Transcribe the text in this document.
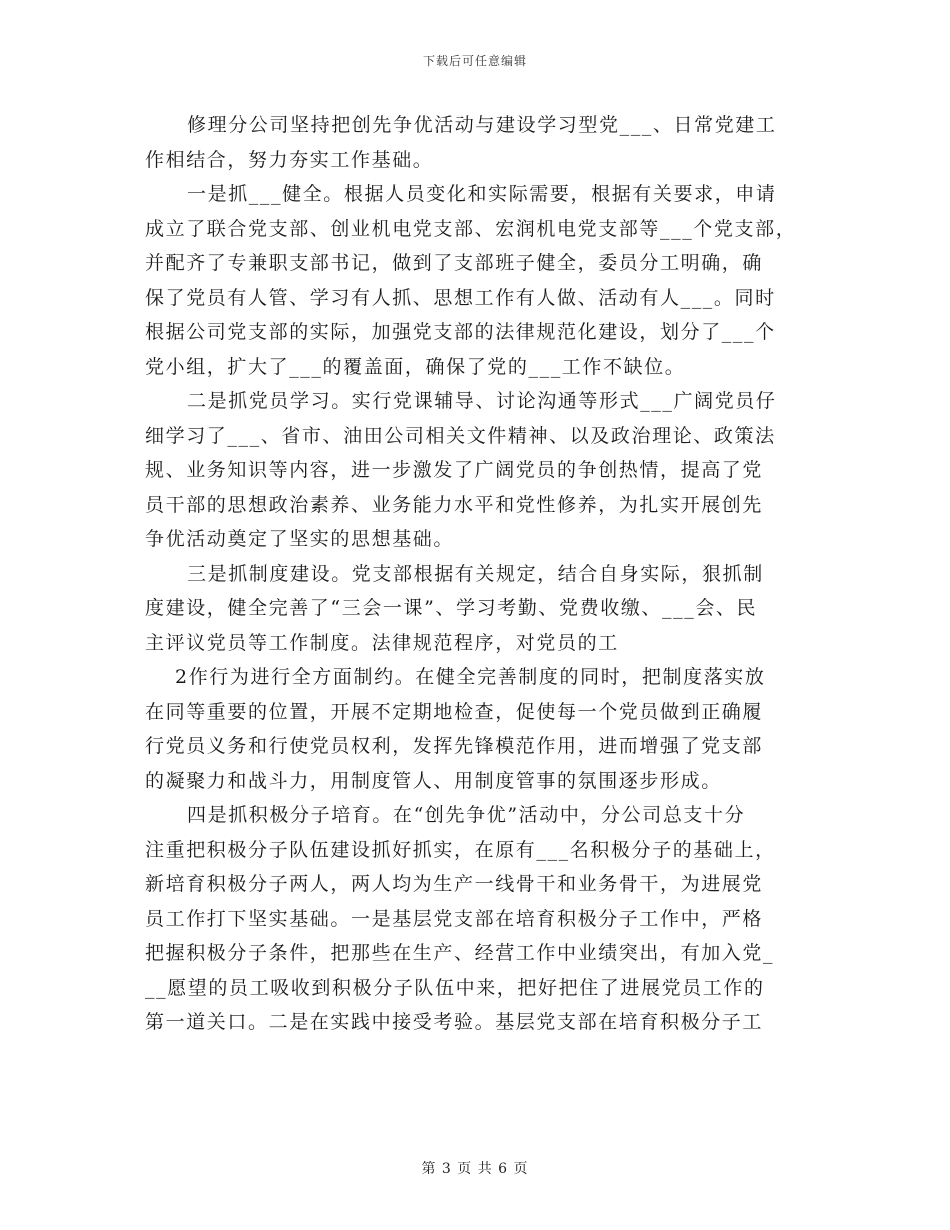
下载后可任意编辑
修理分公司坚持把创先争优活动与建设学习型党___、日常党建工
作相结合，努力夯实工作基础。
一是抓___健全。根据人员变化和实际需要，根据有关要求，申请
成立了联合党支部、创业机电党支部、宏润机电党支部等___个党支部，
并配齐了专兼职支部书记，做到了支部班子健全，委员分工明确，确
保了党员有人管、学习有人抓、思想工作有人做、活动有人___。同时
根据公司党支部的实际，加强党支部的法律规范化建设，划分了___个
党小组，扩大了___的覆盖面，确保了党的___工作不缺位。
二是抓党员学习。实行党课辅导、讨论沟通等形式___广阔党员仔
细学习了___、省市、油田公司相关文件精神、以及政治理论、政策法
规、业务知识等内容，进一步激发了广阔党员的争创热情，提高了党
员干部的思想政治素养、业务能力水平和党性修养，为扎实开展创先
争优活动奠定了坚实的思想基础。
三是抓制度建设。党支部根据有关规定，结合自身实际，狠抓制
度建设，健全完善了“三会一课”、学习考勤、党费收缴、___会、民
主评议党员等工作制度。法律规范程序，对党员的工
2作行为进行全方面制约。在健全完善制度的同时，把制度落实放
在同等重要的位置，开展不定期地检查，促使每一个党员做到正确履
行党员义务和行使党员权利，发挥先锋模范作用，进而增强了党支部
的凝聚力和战斗力，用制度管人、用制度管事的氛围逐步形成。
四是抓积极分子培育。在“创先争优”活动中，分公司总支十分
注重把积极分子队伍建设抓好抓实，在原有___名积极分子的基础上，
新培育积极分子两人，两人均为生产一线骨干和业务骨干，为进展党
员工作打下坚实基础。一是基层党支部在培育积极分子工作中，严格
把握积极分子条件，把那些在生产、经营工作中业绩突出，有加入党_
__愿望的员工吸收到积极分子队伍中来，把好把住了进展党员工作的
第一道关口。二是在实践中接受考验。基层党支部在培育积极分子工
第 3 页 共 6 页
